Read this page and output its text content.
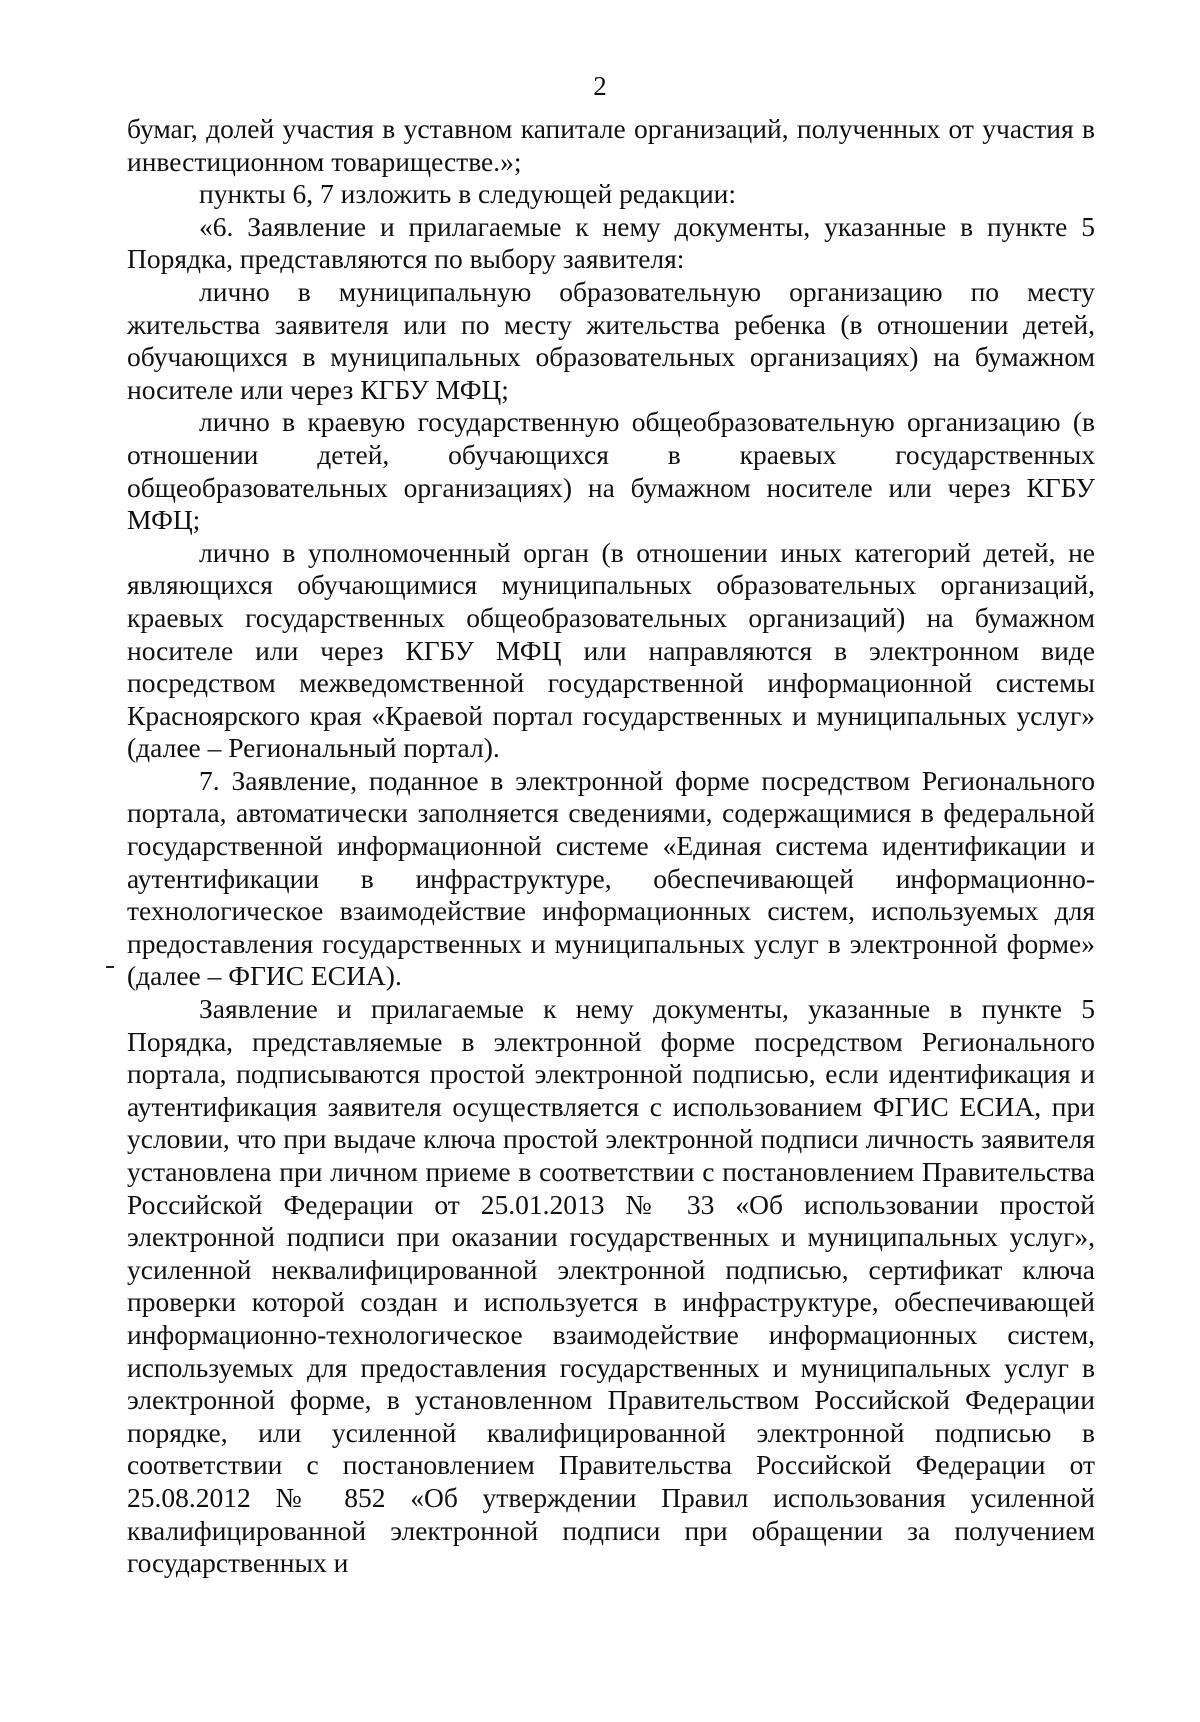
2

бумаг, долей участия в уставном капитале организаций, полученных от участия в инвестиционном товариществе.»;

пункты 6, 7 изложить в следующей редакции:

«6. Заявление и прилагаемые к нему документы, указанные в пункте 5 Порядка, представляются по выбору заявителя:

лично в муниципальную образовательную организацию по месту жительства заявителя или по месту жительства ребенка (в отношении детей, обучающихся в муниципальных образовательных организациях) на бумажном носителе или через КГБУ МФЦ;

лично в краевую государственную общеобразовательную организацию (в отношении детей, обучающихся в краевых государственных общеобразовательных организациях) на бумажном носителе или через КГБУ МФЦ;

лично в уполномоченный орган (в отношении иных категорий детей, не являющихся обучающимися муниципальных образовательных организаций, краевых государственных общеобразовательных организаций) на бумажном носителе или через КГБУ МФЦ или направляются в электронном виде посредством межведомственной государственной информационной системы Красноярского края «Краевой портал государственных и муниципальных услуг» (далее – Региональный портал).

7. Заявление, поданное в электронной форме посредством Регионального портала, автоматически заполняется сведениями, содержащимися в федеральной государственной информационной системе «Единая система идентификации и аутентификации в инфраструктуре, обеспечивающей информационно-технологическое взаимодействие информационных систем, используемых для предоставления государственных и муниципальных услуг в электронной форме» (далее – ФГИС ЕСИА).

Заявление и прилагаемые к нему документы, указанные в пункте 5 Порядка, представляемые в электронной форме посредством Регионального портала, подписываются простой электронной подписью, если идентификация и аутентификация заявителя осуществляется с использованием ФГИС ЕСИА, при условии, что при выдаче ключа простой электронной подписи личность заявителя установлена при личном приеме в соответствии с постановлением Правительства Российской Федерации от 25.01.2013 № 33 «Об использовании простой электронной подписи при оказании государственных и муниципальных услуг», усиленной неквалифицированной электронной подписью, сертификат ключа проверки которой создан и используется в инфраструктуре, обеспечивающей информационно-технологическое взаимодействие информационных систем, используемых для предоставления государственных и муниципальных услуг в электронной форме, в установленном Правительством Российской Федерации порядке, или усиленной квалифицированной электронной подписью в соответствии с постановлением Правительства Российской Федерации от 25.08.2012 № 852 «Об утверждении Правил использования усиленной квалифицированной электронной подписи при обращении за получением государственных и
